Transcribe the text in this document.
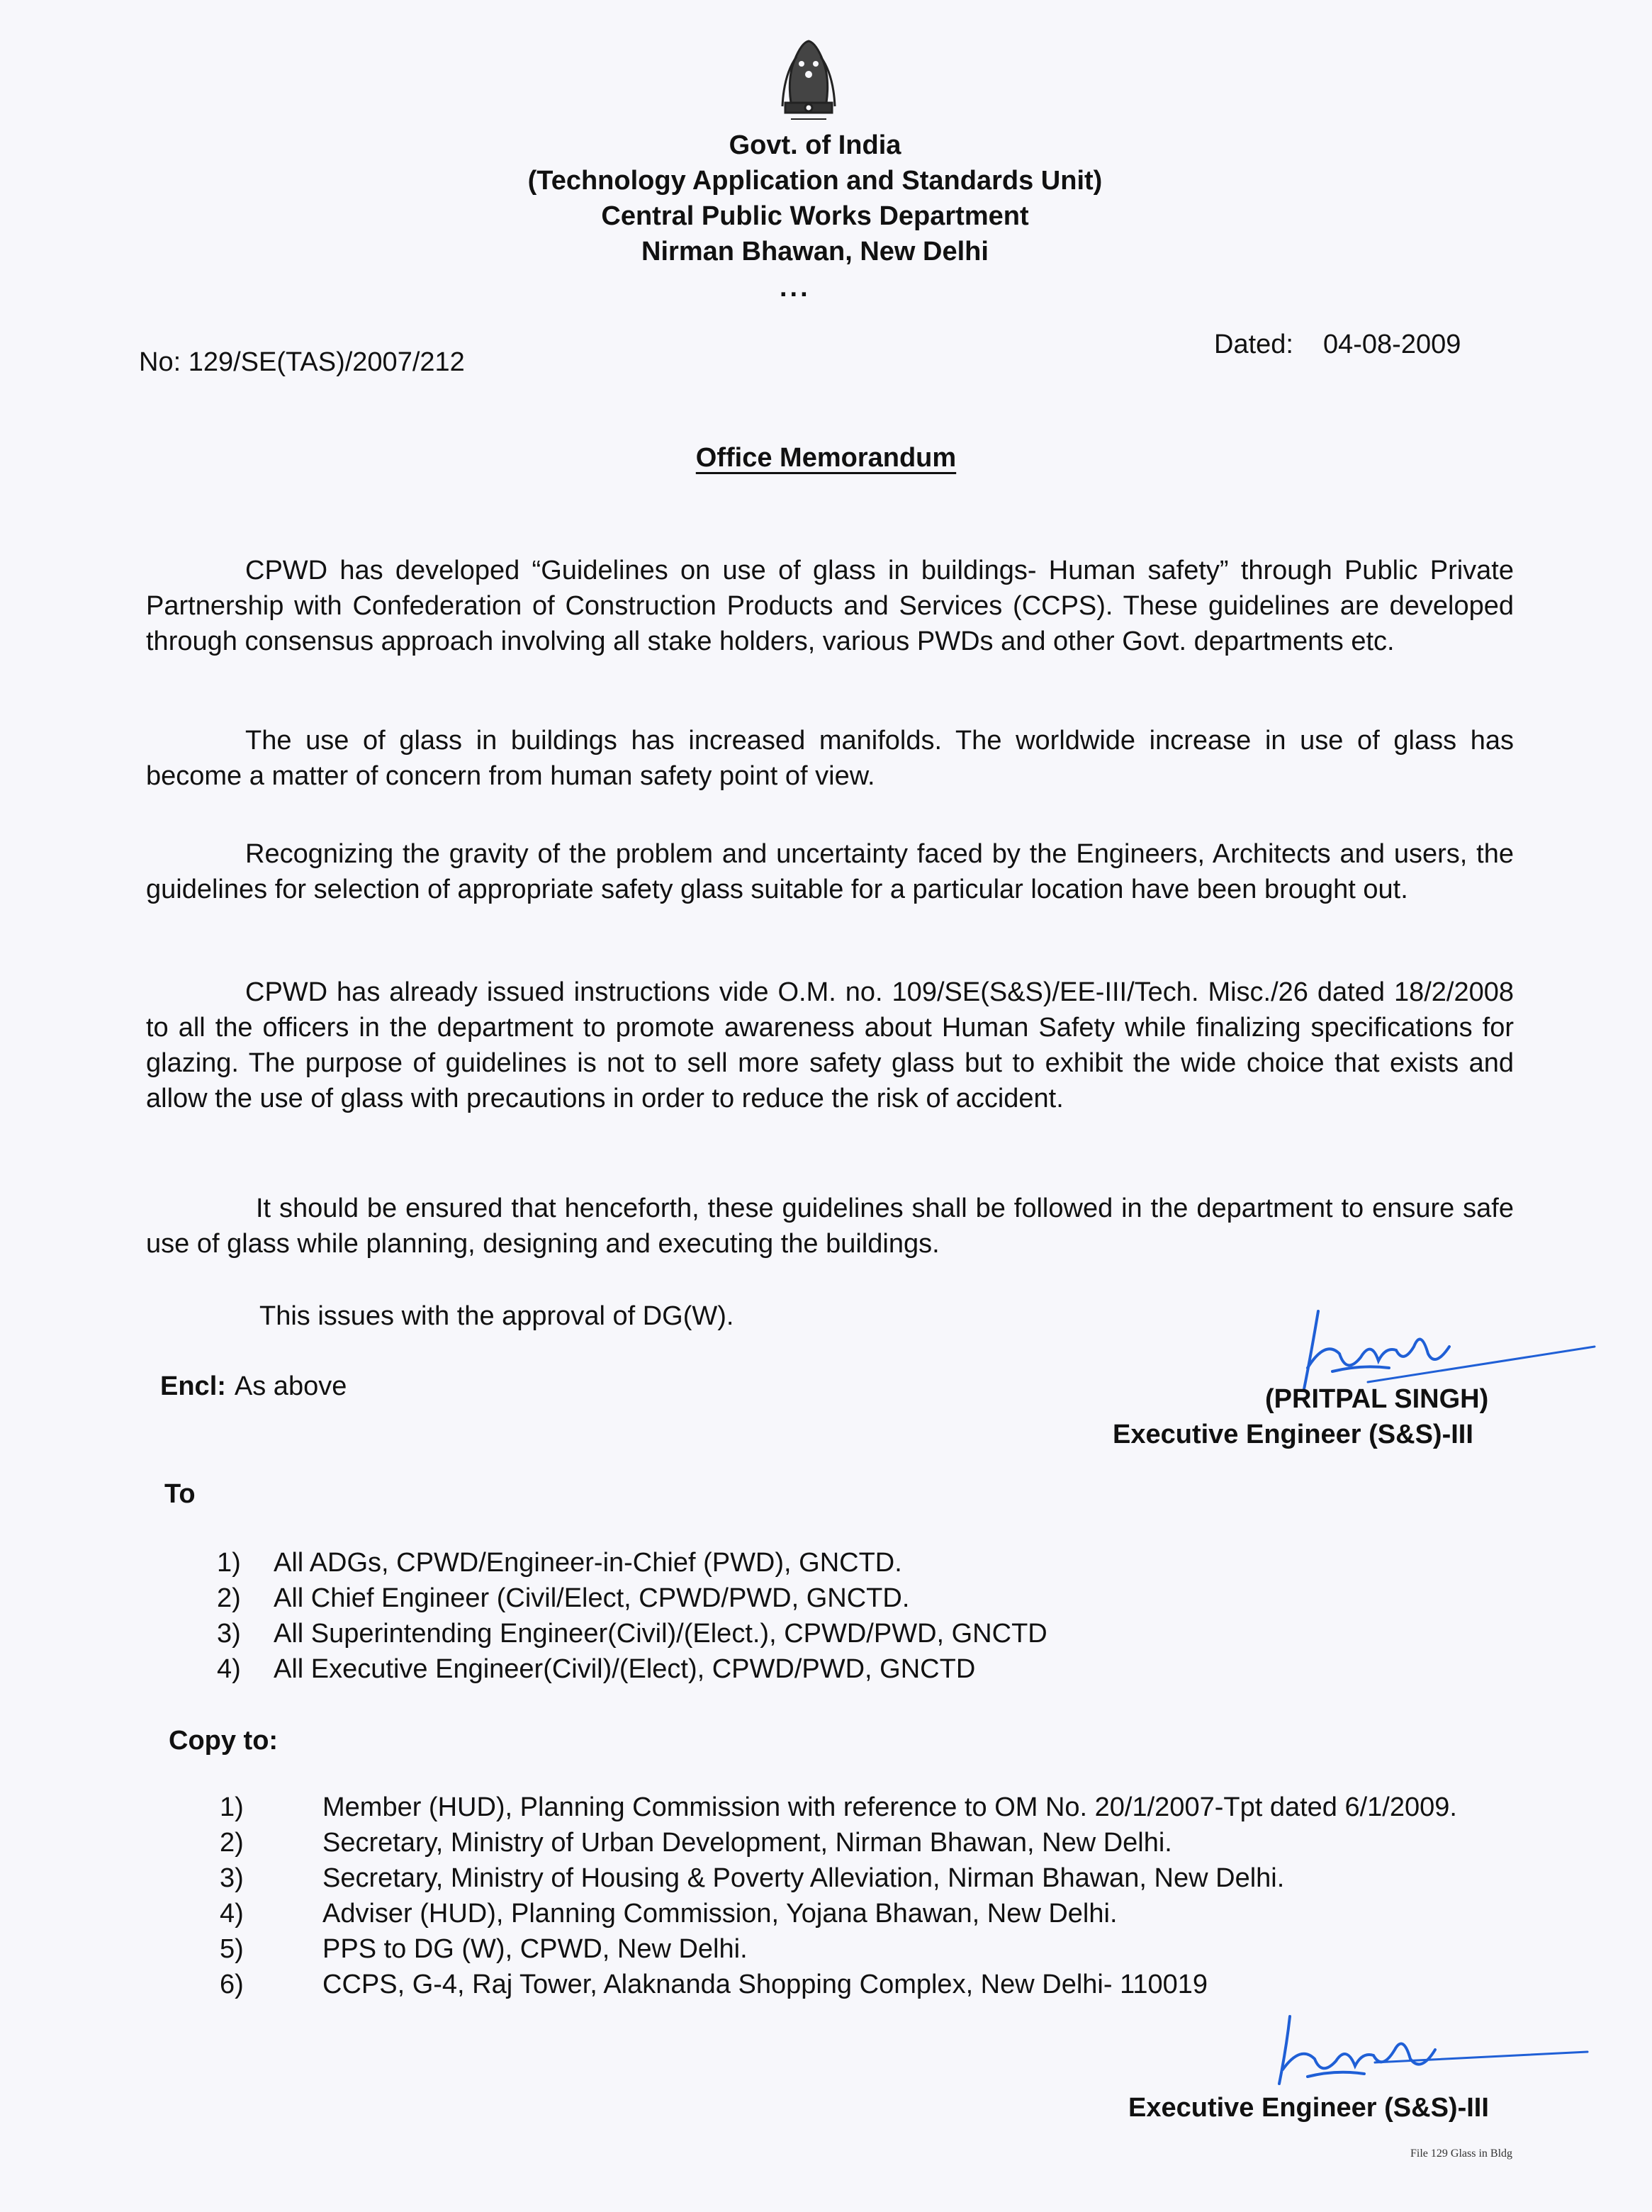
Govt. of India
(Technology Application and Standards Unit)
Central Public Works Department
Nirman Bhawan, New Delhi
...
No: 129/SE(TAS)/2007/212
Dated: 04-08-2009
Office Memorandum
CPWD has developed “Guidelines on use of glass in buildings- Human safety” through Public Private Partnership with Confederation of Construction Products and Services (CCPS). These guidelines are developed through consensus approach involving all stake holders, various PWDs and other Govt. departments etc.
The use of glass in buildings has increased manifolds. The worldwide increase in use of glass has become a matter of concern from human safety point of view.
Recognizing the gravity of the problem and uncertainty faced by the Engineers, Architects and users, the guidelines for selection of appropriate safety glass suitable for a particular location have been brought out.
CPWD has already issued instructions vide O.M. no. 109/SE(S&S)/EE-III/Tech. Misc./26 dated 18/2/2008 to all the officers in the department to promote awareness about Human Safety while finalizing specifications for glazing. The purpose of guidelines is not to sell more safety glass but to exhibit the wide choice that exists and allow the use of glass with precautions in order to reduce the risk of accident.
It should be ensured that henceforth, these guidelines shall be followed in the department to ensure safe use of glass while planning, designing and executing the buildings.
This issues with the approval of DG(W).
Encl: As above	(PRITPAL SINGH)
Executive Engineer (S&S)-III
To
1)	All ADGs, CPWD/Engineer-in-Chief (PWD), GNCTD.
2)	All Chief Engineer (Civil/Elect, CPWD/PWD, GNCTD.
3)	All Superintending Engineer(Civil)/(Elect.), CPWD/PWD, GNCTD
4)	All Executive Engineer(Civil)/(Elect), CPWD/PWD, GNCTD
Copy to:
1)	Member (HUD), Planning Commission with reference to OM No. 20/1/2007-Tpt dated 6/1/2009.
2)	Secretary, Ministry of Urban Development, Nirman Bhawan, New Delhi.
3)	Secretary, Ministry of Housing & Poverty Alleviation, Nirman Bhawan, New Delhi.
4)	Adviser (HUD), Planning Commission, Yojana Bhawan, New Delhi.
5)	PPS to DG (W), CPWD, New Delhi.
6)	CCPS, G-4, Raj Tower, Alaknanda Shopping Complex, New Delhi- 110019
Executive Engineer (S&S)-III
File 129 Glass in Bldg
